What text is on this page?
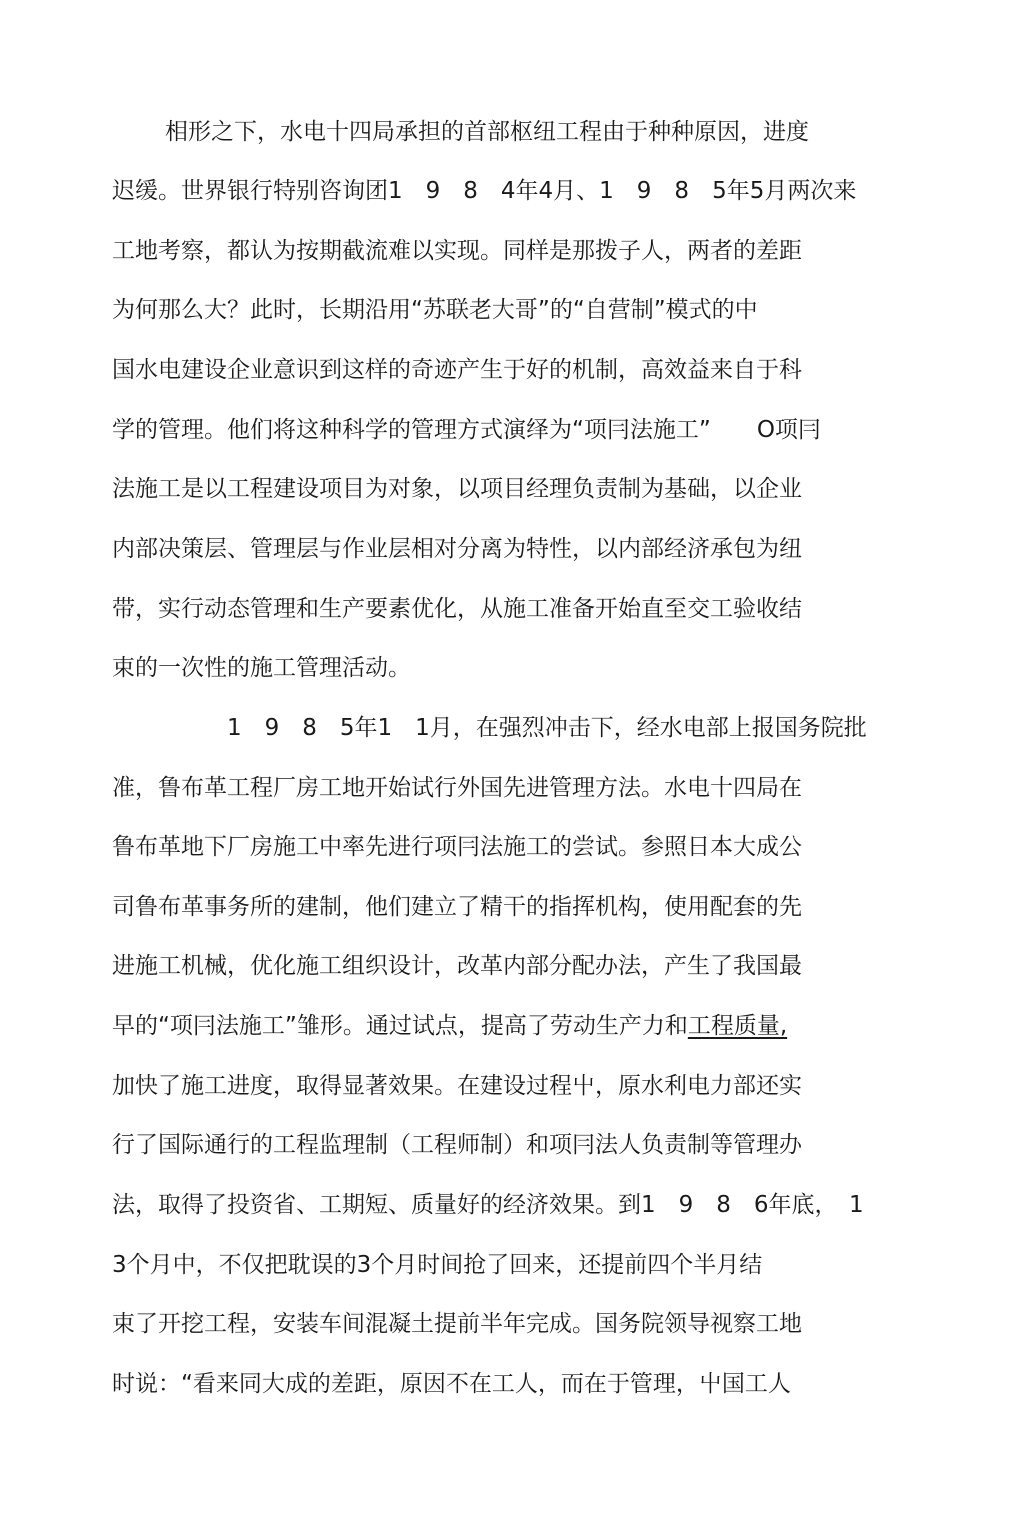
相形之下，水电十四局承担的首部枢纽工程由于种种原因，进度
迟缓。世界银行特别咨询团1　9　8　4年4月、1　9　8　5年5月两次来
工地考察，都认为按期截流难以实现。同样是那拨子人，两者的差距
为何那么大？此时，长期沿用“苏联老大哥”的“自营制”模式的中
国水电建设企业意识到这样的奇迹产生于好的机制，高效益来自于科
学的管理。他们将这种科学的管理方式演绎为“项冃法施工”　　O项冃
法施工是以工程建设项目为对象，以项目经理负责制为基础，以企业
内部决策层、管理层与作业层相对分离为特性，以内部经济承包为纽
带，实行动态管理和生产要素优化，从施工准备开始直至交工验收结
束的一次性的施工管理活动。
1　9　8　5年1　1月，在强烈冲击下，经水电部上报国务院批
准，鲁布革工程厂房工地开始试行外国先进管理方法。水电十四局在
鲁布革地下厂房施工中率先进行项冃法施工的尝试。参照日本大成公
司鲁布革事务所的建制，他们建立了精干的指挥机构，使用配套的先
进施工机械，优化施工组织设计，改革内部分配办法，产生了我国最
早的“项冃法施工”雏形。通过试点，提高了劳动生产力和工程质量,
加快了施工进度，取得显著效果。在建设过程屮，原水利电力部还实
行了国际通行的工程监理制（工程师制）和项冃法人负责制等管理办
法，取得了投资省、工期短、质量好的经济效果。到1　9　8　6年底，　1
3个月中，不仅把耽误的3个月时间抢了回来，还提前四个半月结
束了开挖工程，安装车间混凝土提前半年完成。国务院领导视察工地
时说：“看来同大成的差距，原因不在工人，而在于管理，屮国工人
